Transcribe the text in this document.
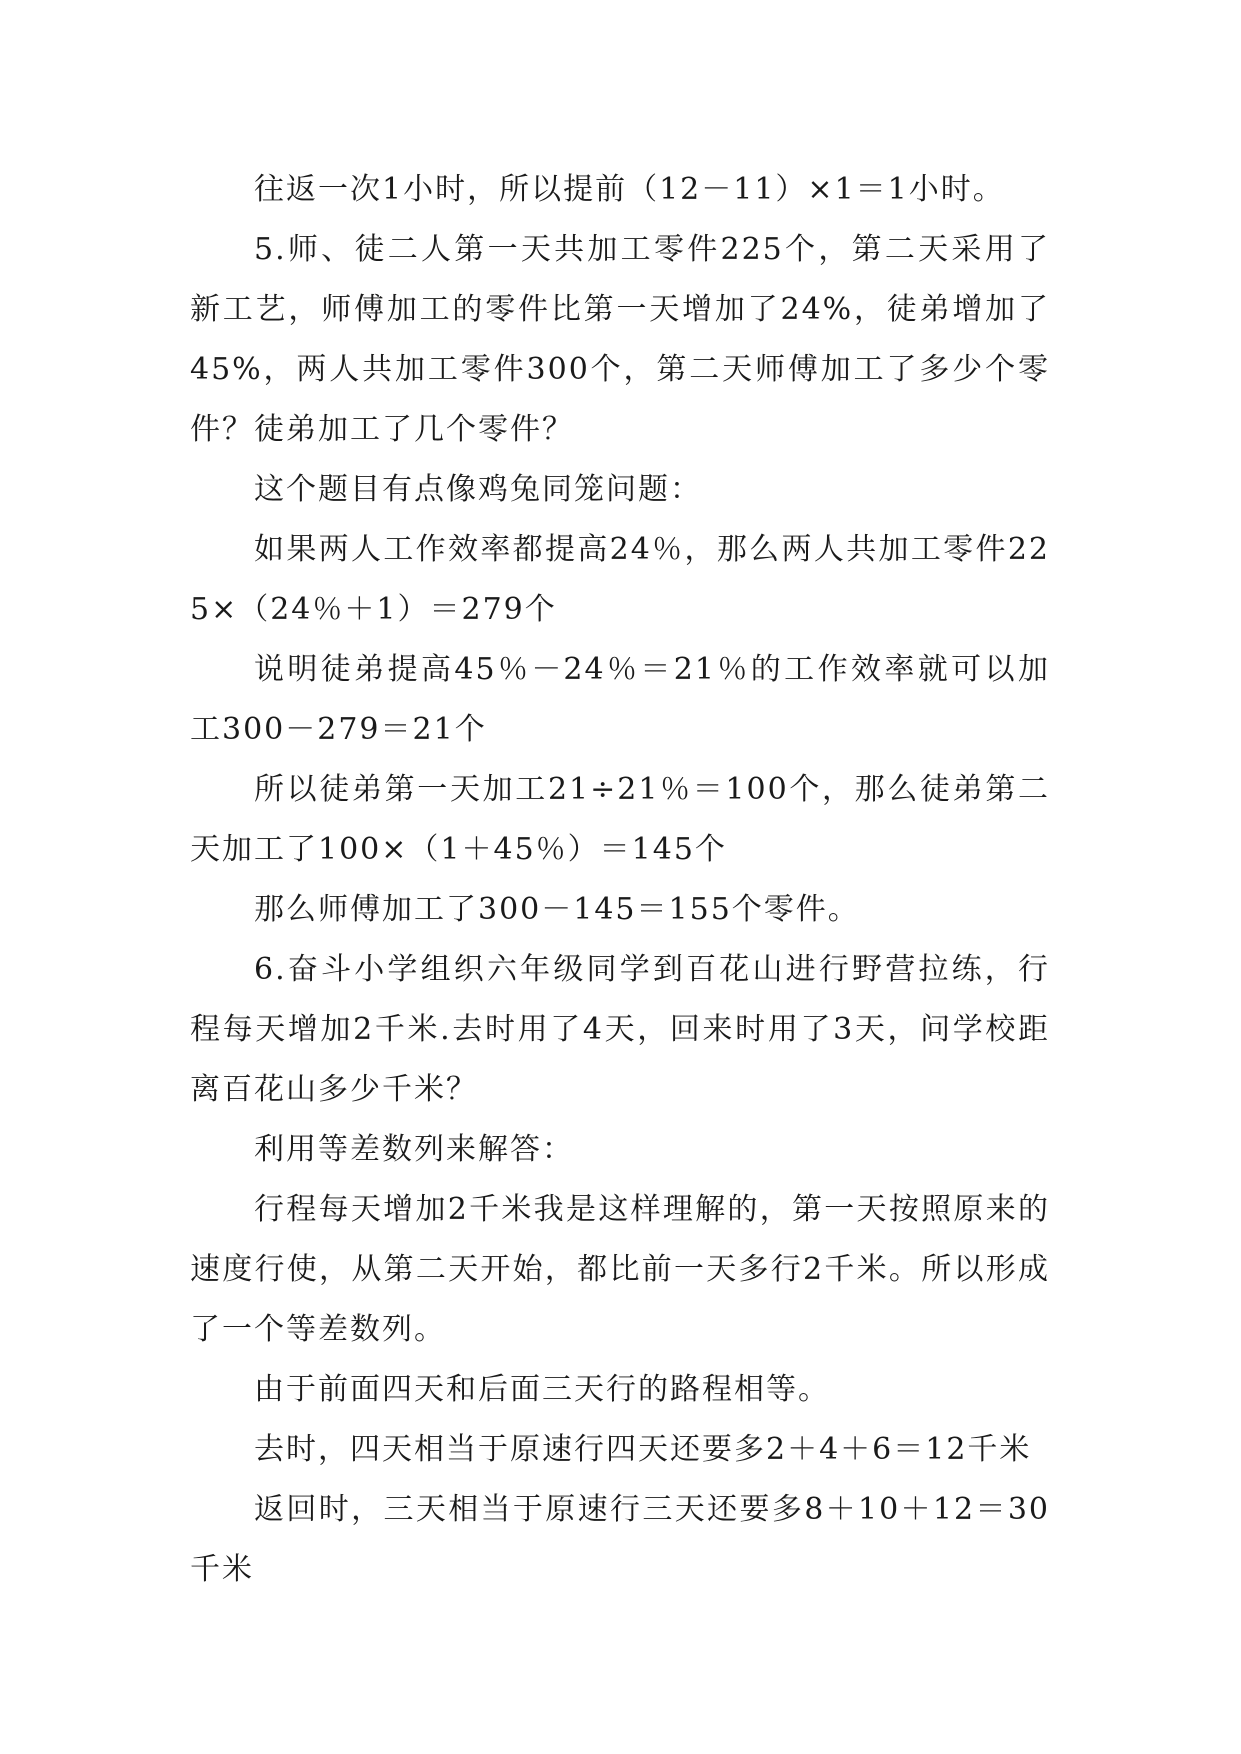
往返一次1小时，所以提前（12－11）×1＝1小时。

5.师、徒二人第一天共加工零件225个，第二天采用了新工艺，师傅加工的零件比第一天增加了24%，徒弟增加了45%，两人共加工零件300个，第二天师傅加工了多少个零件？徒弟加工了几个零件？

这个题目有点像鸡兔同笼问题：

如果两人工作效率都提高24％，那么两人共加工零件225×（24％＋1）＝279个

说明徒弟提高45％－24％＝21％的工作效率就可以加工300－279＝21个

所以徒弟第一天加工21÷21％＝100个，那么徒弟第二天加工了100×（1＋45％）＝145个

那么师傅加工了300－145＝155个零件。

6.奋斗小学组织六年级同学到百花山进行野营拉练，行程每天增加2千米.去时用了4天，回来时用了3天，问学校距离百花山多少千米？

利用等差数列来解答：

行程每天增加2千米我是这样理解的，第一天按照原来的速度行使，从第二天开始，都比前一天多行2千米。所以形成了一个等差数列。

由于前面四天和后面三天行的路程相等。

去时，四天相当于原速行四天还要多2＋4＋6＝12千米

返回时，三天相当于原速行三天还要多8＋10＋12＝30千米
